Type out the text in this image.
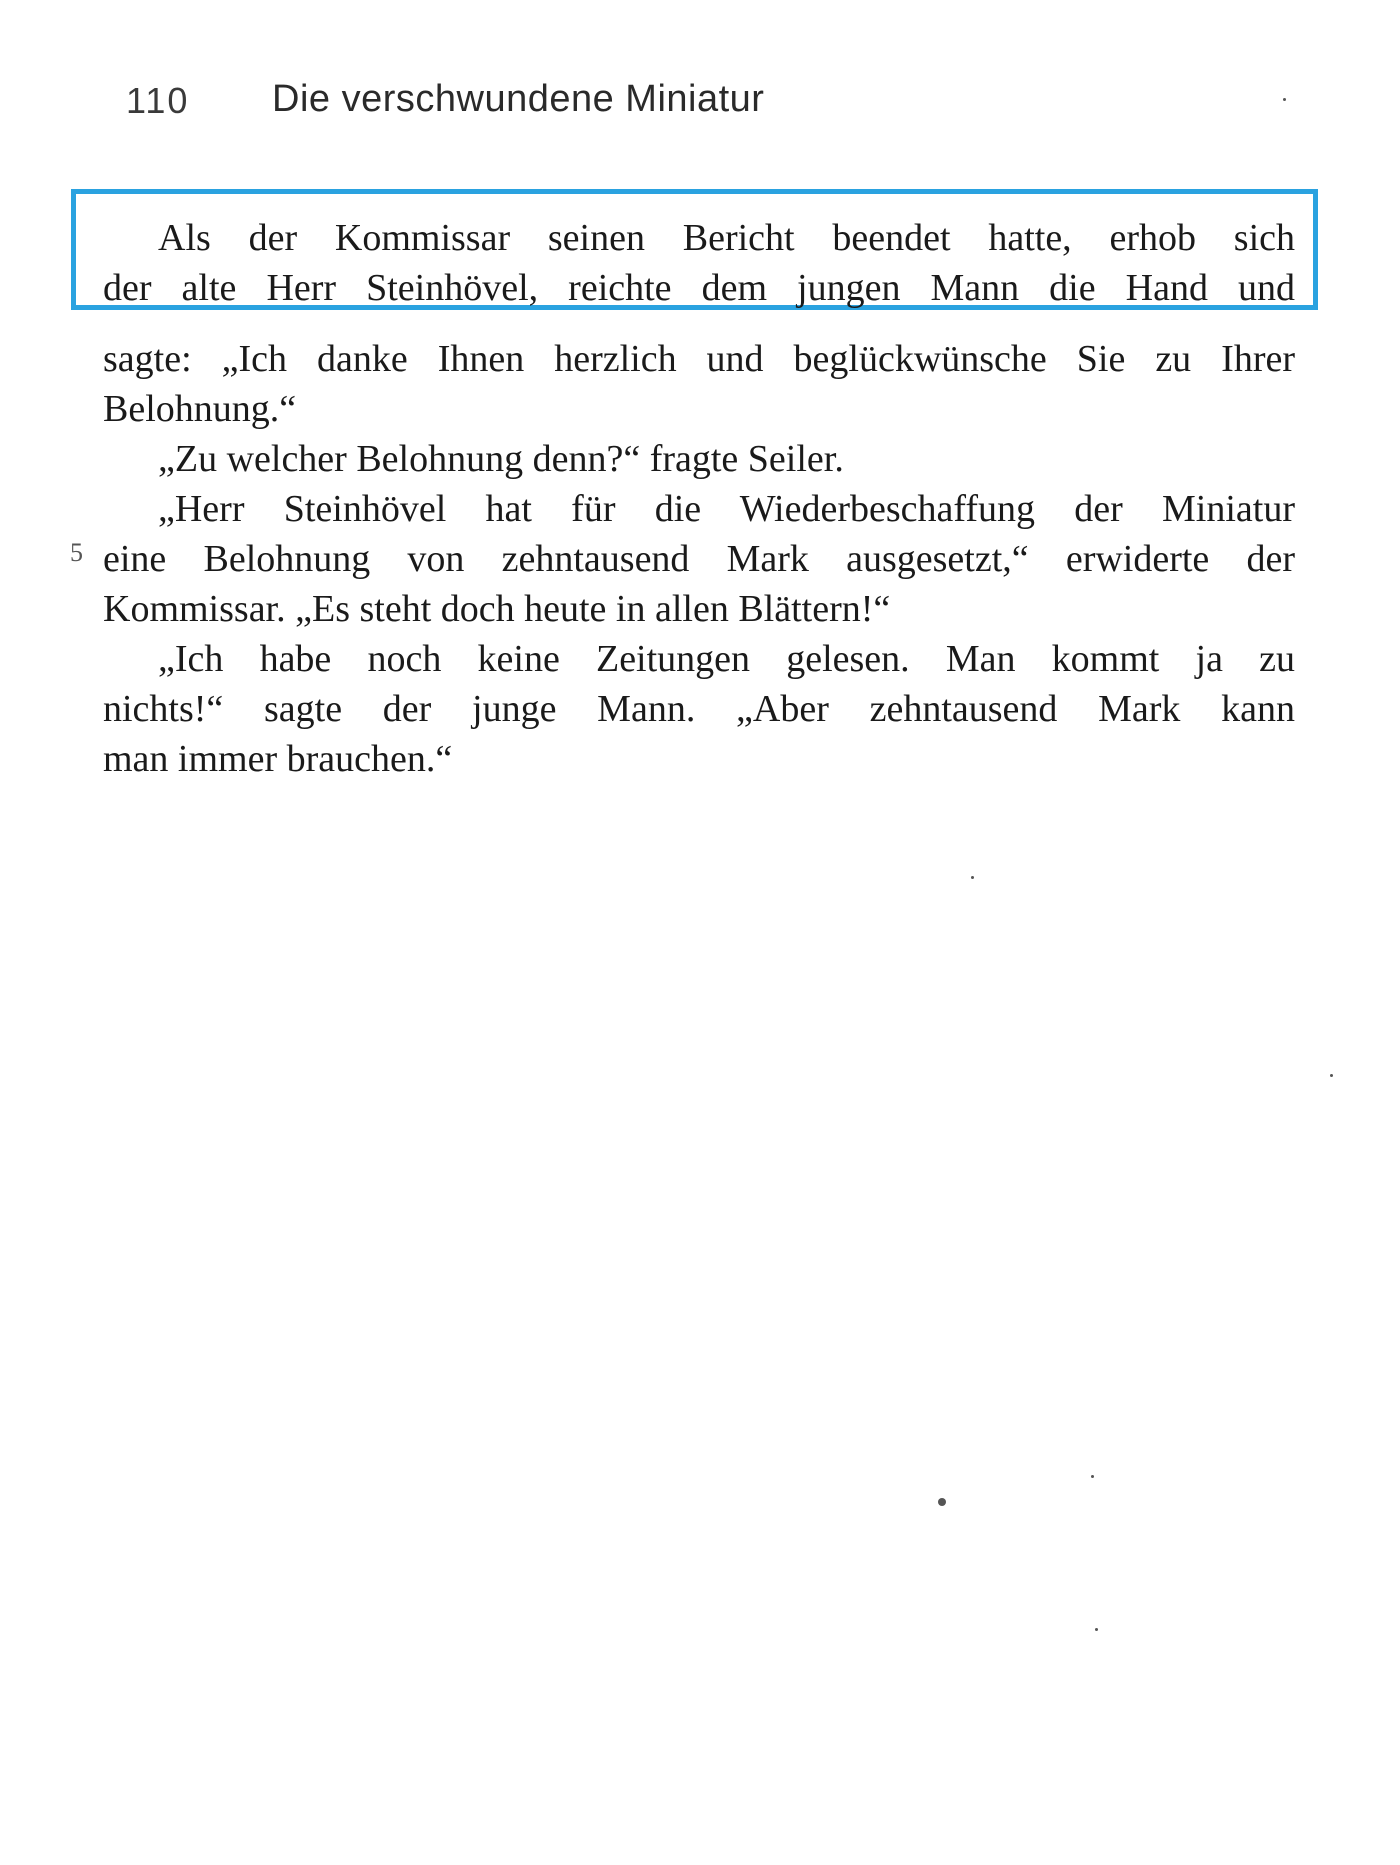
110 Die verschwundene Miniatur
Als der Kommissar seinen Bericht beendet hatte, erhob sich
der alte Herr Steinhövel, reichte dem jungen Mann die Hand und
5
sagte: „Ich danke Ihnen herzlich und beglückwünsche Sie zu Ihrer
Belohnung.“
„Zu welcher Belohnung denn?“ fragte Seiler.
„Herr Steinhövel hat für die Wiederbeschaffung der Miniatur
eine Belohnung von zehntausend Mark ausgesetzt,“ erwiderte der
Kommissar. „Es steht doch heute in allen Blättern!“
„Ich habe noch keine Zeitungen gelesen. Man kommt ja zu
nichts!“ sagte der junge Mann. „Aber zehntausend Mark kann
man immer brauchen.“
